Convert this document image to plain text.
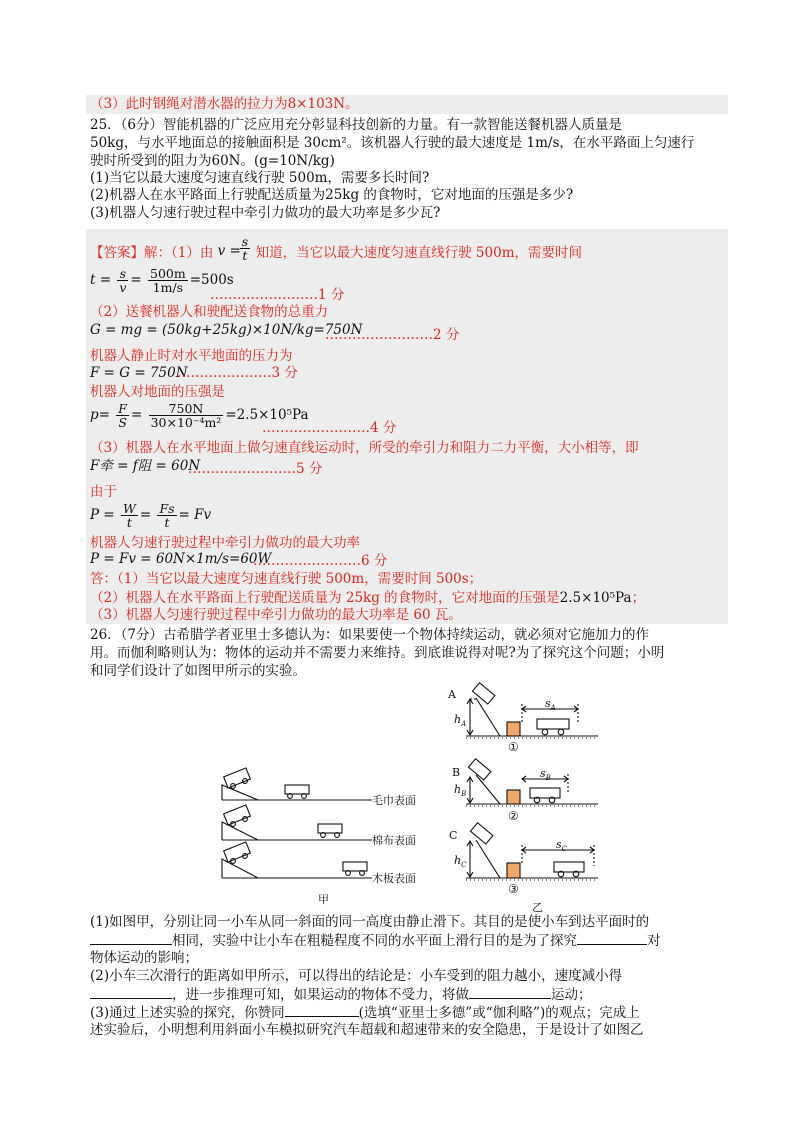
（3）此时钢绳对潜水器的拉力为8×103N。
25．（6分）智能机器的广泛应用充分彰显科技创新的力量。有一款智能送餐机器人质量是
50kg，与水平地面总的接触面积是 30cm²。该机器人行驶的最大速度是 1m/s，在水平路面上匀速行
驶时所受到的阻力为60N。(g=10N/kg)
(1)当它以最大速度匀速直线行驶 500m，需要多长时间?
(2)机器人在水平路面上行驶配送质量为25kg 的食物时，它对地面的压强是多少?
(3)机器人匀速行驶过程中牵引力做功的最大功率是多少瓦?
【答案】解：（1）由 v =
$\frac{s}{t}$ 知道，当它以最大速度匀速直线行驶 500m，需要时间
$t = \frac{s}{v} = \frac{500m}{1m/s} =500s$
……………………1 分
（2）送餐机器人和驶配送食物的总重力
G = mg = (50kg+25kg)×10N/kg=750N
……………………2 分
机器人静止时对水平地面的压力为
F = G = 750N
…………………3 分
机器人对地面的压强是
$p= \frac{F}{S} = \frac{750N}{\text{30×10⁻⁴m²}} =2.5\times 10^5Pa$
……………………4 分
（3）机器人在水平地面上做匀速直线运动时，所受的牵引力和阻力二力平衡，大小相等，即
F牵 = f阻 = 60N
……………………5 分
由于
$P = \frac{W}{t} = \frac{Fs}{t} = Fv$
机器人匀速行驶过程中牵引力做功的最大功率
P = Fv = 60N×1m/s=60W
……………………6 分
答：（1）当它以最大速度匀速直线行驶 500m，需要时间 500s；
（2）机器人在水平路面上行驶配送质量为 25kg 的食物时，它对地面的压强是2.5×10⁵Pa；
（3）机器人匀速行驶过程中牵引力做功的最大功率是 60 瓦。
26．（7分）古希腊学者亚里士多德认为：如果要使一个物体持续运动，就必须对它施加力的作
用。而伽利略则认为：物体的运动并不需要力来维持。到底谁说得对呢?为了探究这个问题；小明
和同学们设计了如图甲所示的实验。
毛巾表面
棉布表面
木板表面
甲
A
B
C
$h_A$
$h_B$
$h_C$
$s_A$
$s_B$
$s_C$
①
②
③
乙
(1)如图甲，分别让同一小车从同一斜面的同一高度由静止滑下。其目的是使小车到达平面时的
相同，实验中让小车在粗糙程度不同的水平面上滑行目的是为了探究	对
物体运动的影响；
(2)小车三次滑行的距离如甲所示，可以得出的结论是：小车受到的阻力越小，速度减小得
，进一步推理可知，如果运动的物体不受力，将做	运动；
(3)通过上述实验的探究，你赞同	(选填“亚里士多德”或“伽利略”)的观点；完成上
述实验后，小明想利用斜面小车模拟研究汽车超载和超速带来的安全隐患，于是设计了如图乙
